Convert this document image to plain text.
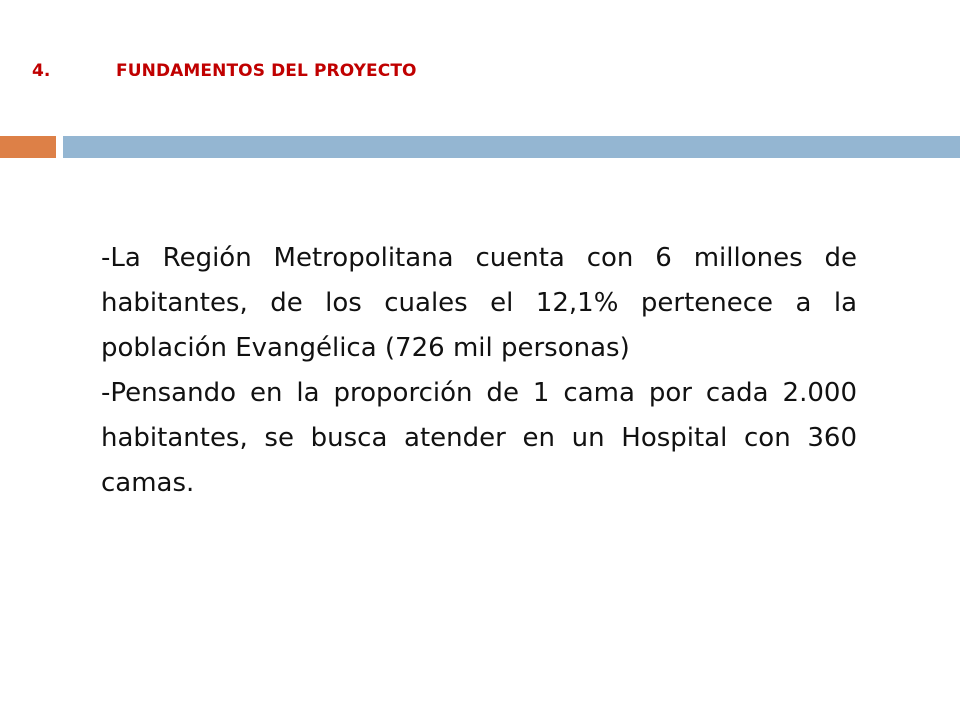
4.	FUNDAMENTOS DEL PROYECTO

-La Región Metropolitana cuenta con 6 millones de habitantes, de los cuales el 12,1% pertenece a la población Evangélica (726 mil personas)

-Pensando en la proporción de 1 cama por cada 2.000 habitantes, se busca atender en un Hospital con 360 camas.
